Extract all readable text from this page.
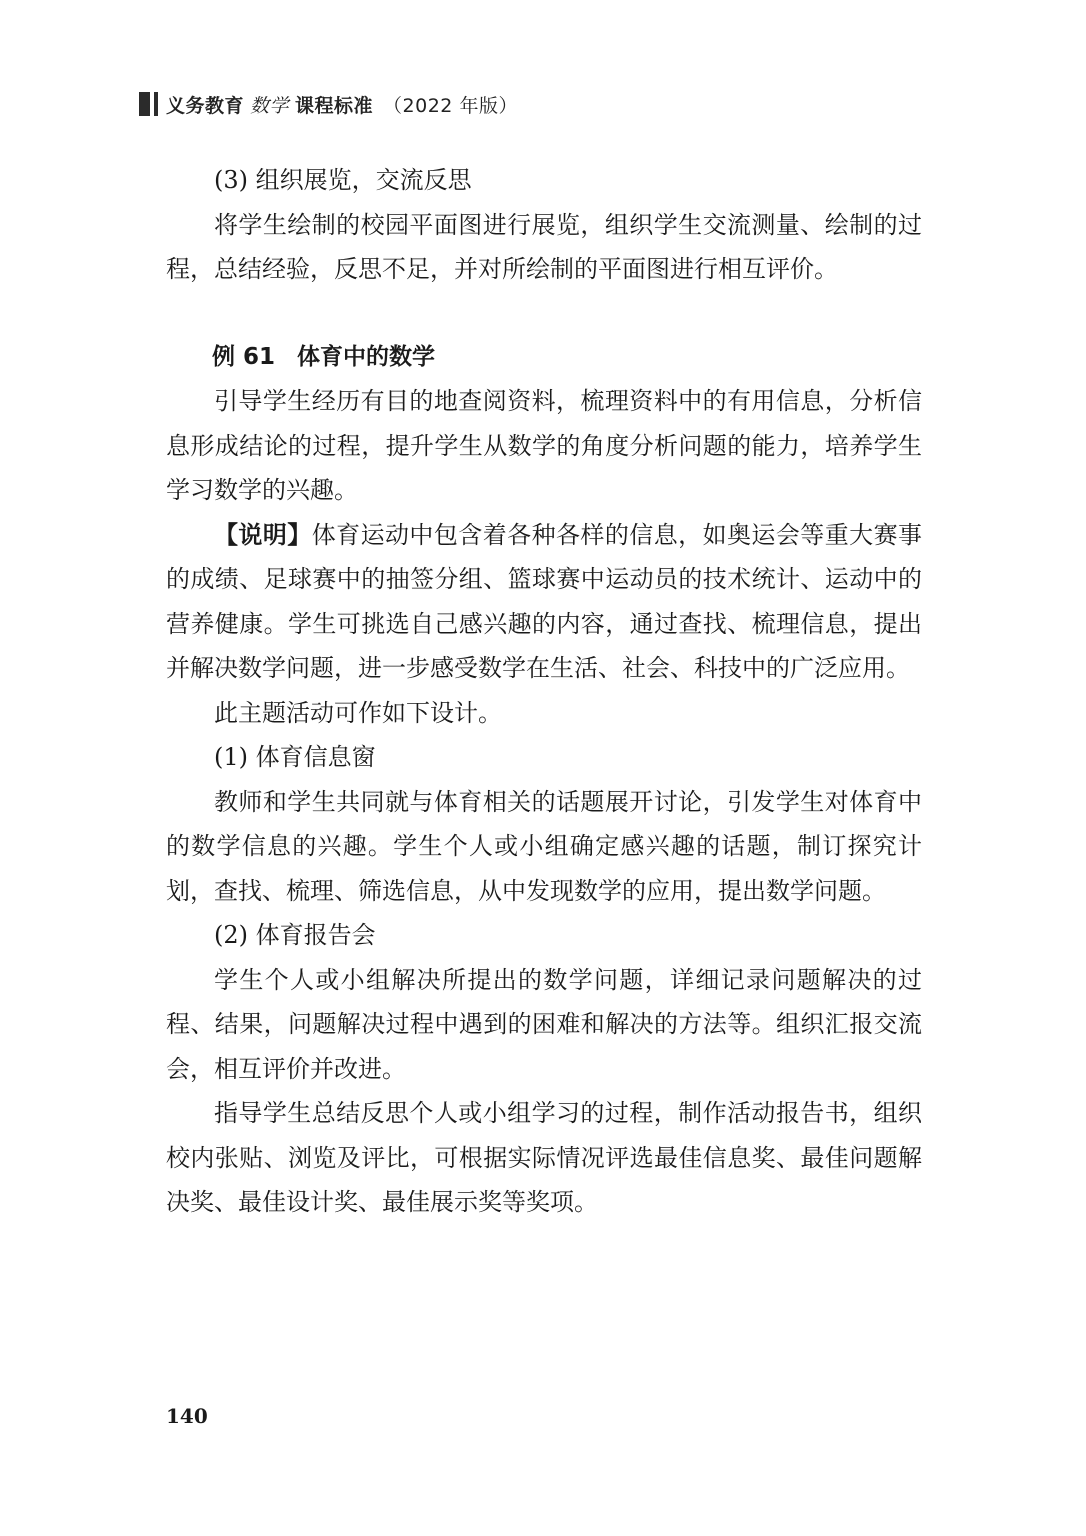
义务教育 数学 课程标准 （2022 年版）

(3) 组织展览，交流反思

将学生绘制的校园平面图进行展览，组织学生交流测量、绘制的过程，总结经验，反思不足，并对所绘制的平面图进行相互评价。

例 61 体育中的数学

引导学生经历有目的地查阅资料，梳理资料中的有用信息，分析信息形成结论的过程，提升学生从数学的角度分析问题的能力，培养学生学习数学的兴趣。

【说明】体育运动中包含着各种各样的信息，如奥运会等重大赛事的成绩、足球赛中的抽签分组、篮球赛中运动员的技术统计、运动中的营养健康。学生可挑选自己感兴趣的内容，通过查找、梳理信息，提出并解决数学问题，进一步感受数学在生活、社会、科技中的广泛应用。

此主题活动可作如下设计。

(1) 体育信息窗

教师和学生共同就与体育相关的话题展开讨论，引发学生对体育中的数学信息的兴趣。学生个人或小组确定感兴趣的话题，制订探究计划，查找、梳理、筛选信息，从中发现数学的应用，提出数学问题。

(2) 体育报告会

学生个人或小组解决所提出的数学问题，详细记录问题解决的过程、结果，问题解决过程中遇到的困难和解决的方法等。组织汇报交流会，相互评价并改进。

指导学生总结反思个人或小组学习的过程，制作活动报告书，组织校内张贴、浏览及评比，可根据实际情况评选最佳信息奖、最佳问题解决奖、最佳设计奖、最佳展示奖等奖项。

140
